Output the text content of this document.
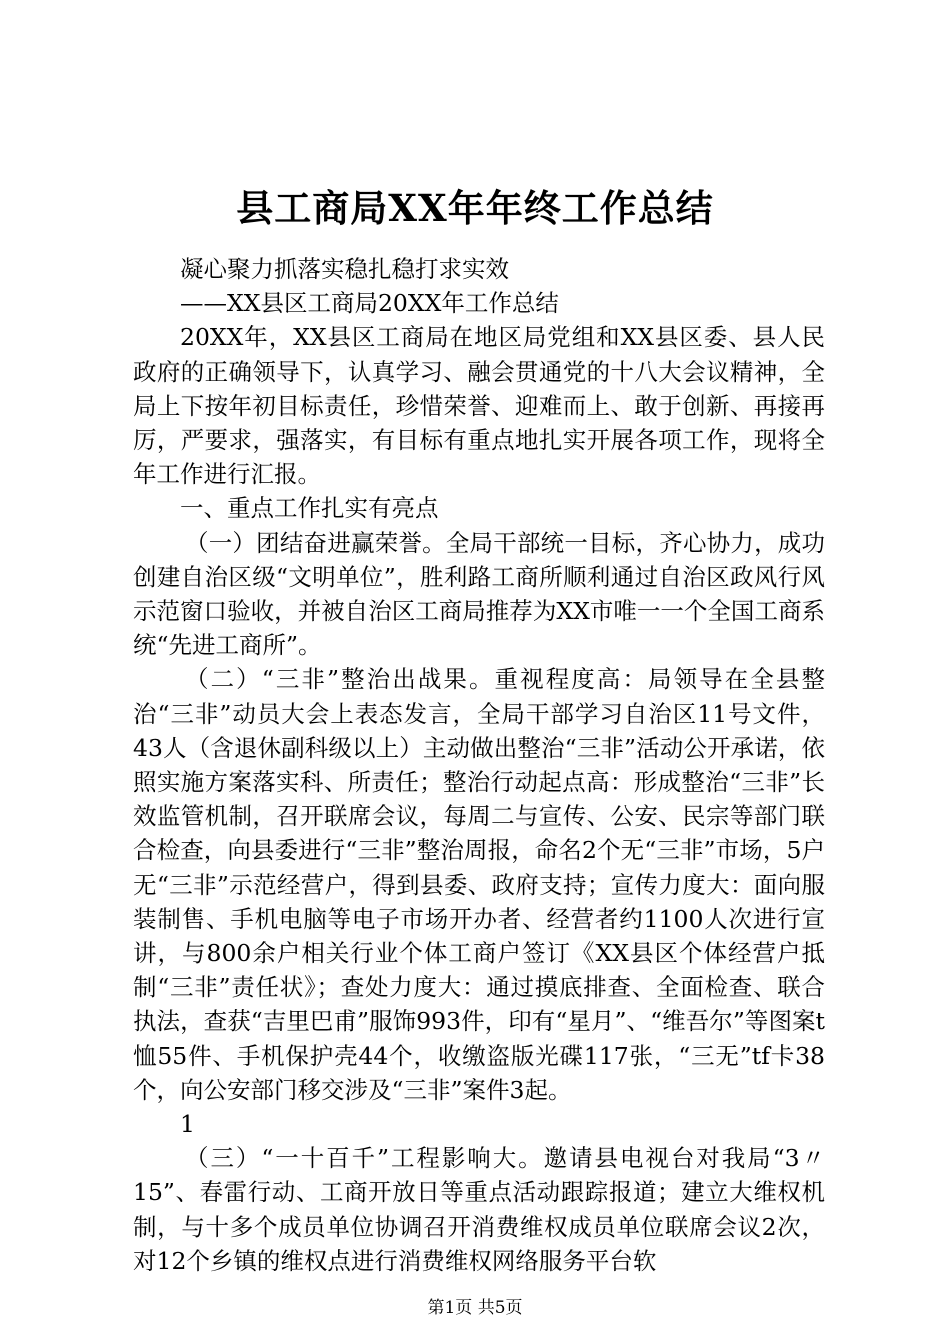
县工商局XX年年终工作总结

凝心聚力抓落实稳扎稳打求实效

——XX县区工商局20XX年工作总结

20XX年，XX县区工商局在地区局党组和XX县区委、县人民政府的正确领导下，认真学习、融会贯通党的十八大会议精神，全局上下按年初目标责任，珍惜荣誉、迎难而上、敢于创新、再接再厉，严要求，强落实，有目标有重点地扎实开展各项工作，现将全年工作进行汇报。

一、重点工作扎实有亮点

（一）团结奋进赢荣誉。全局干部统一目标，齐心协力，成功创建自治区级“文明单位”，胜利路工商所顺利通过自治区政风行风示范窗口验收，并被自治区工商局推荐为XX市唯一一个全国工商系统“先进工商所”。

（二）“三非”整治出战果。重视程度高：局领导在全县整治“三非”动员大会上表态发言，全局干部学习自治区11号文件，43人（含退休副科级以上）主动做出整治“三非”活动公开承诺，依照实施方案落实科、所责任；整治行动起点高：形成整治“三非”长效监管机制，召开联席会议，每周二与宣传、公安、民宗等部门联合检查，向县委进行“三非”整治周报，命名2个无“三非”市场，5户无“三非”示范经营户，得到县委、政府支持；宣传力度大：面向服装制售、手机电脑等电子市场开办者、经营者约1100人次进行宣讲，与800余户相关行业个体工商户签订《XX县区个体经营户抵制“三非”责任状》；查处力度大：通过摸底排查、全面检查、联合执法，查获“吉里巴甫”服饰993件，印有“星月”、“维吾尔”等图案t恤55件、手机保护壳44个，收缴盗版光碟117张，“三无”tf卡38个，向公安部门移交涉及“三非”案件3起。

1

（三）“一十百千”工程影响大。邀请县电视台对我局“3〃15”、春雷行动、工商开放日等重点活动跟踪报道；建立大维权机制，与十多个成员单位协调召开消费维权成员单位联席会议2次，对12个乡镇的维权点进行消费维权网络服务平台软

第1页 共5页
